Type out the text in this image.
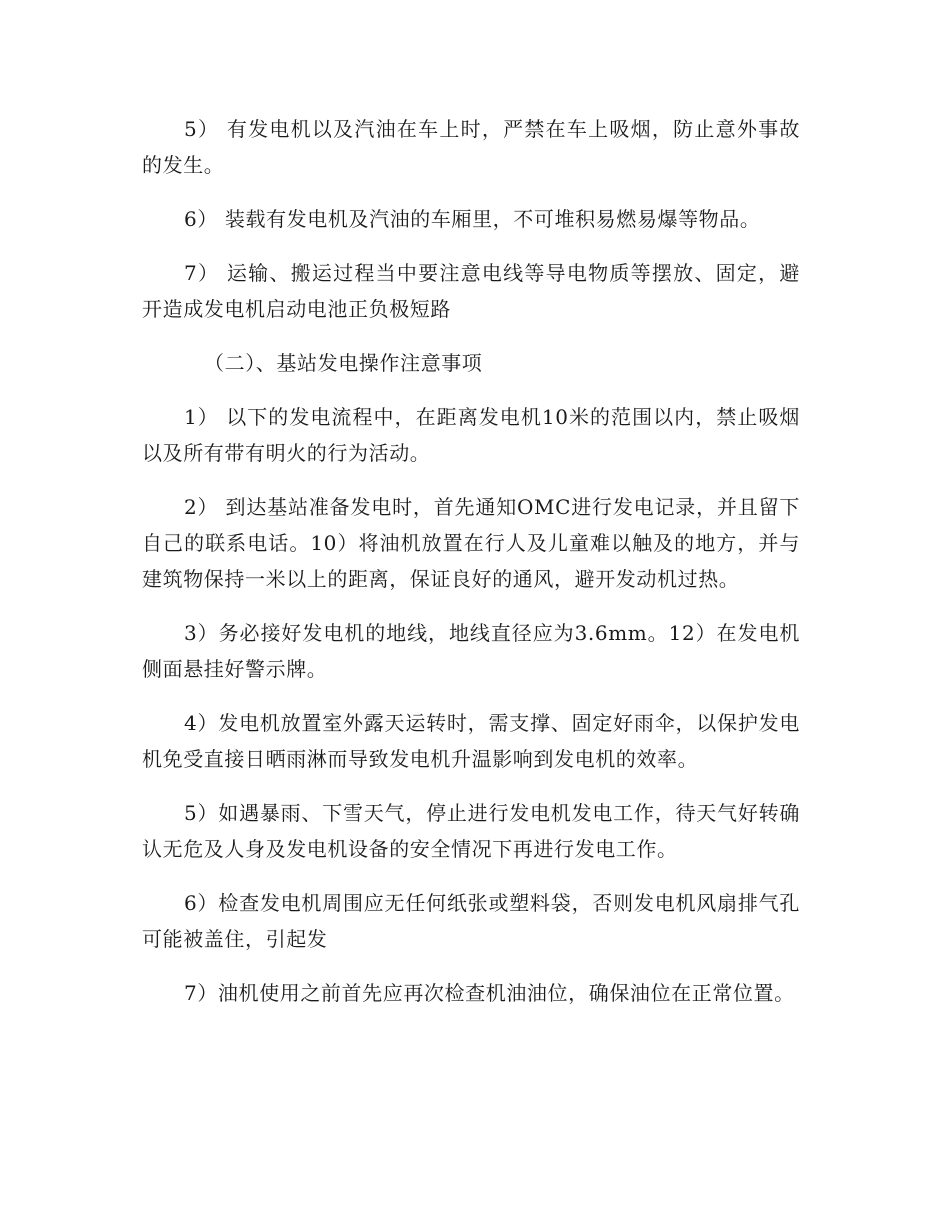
5） 有发电机以及汽油在车上时，严禁在车上吸烟，防止意外事故的发生。

6） 装载有发电机及汽油的车厢里，不可堆积易燃易爆等物品。

7） 运输、搬运过程当中要注意电线等导电物质等摆放、固定，避开造成发电机启动电池正负极短路

（二）、基站发电操作注意事项

1） 以下的发电流程中，在距离发电机10米的范围以内，禁止吸烟以及所有带有明火的行为活动。

2） 到达基站准备发电时，首先通知OMC进行发电记录，并且留下自己的联系电话。10）将油机放置在行人及儿童难以触及的地方，并与建筑物保持一米以上的距离，保证良好的通风，避开发动机过热。

3）务必接好发电机的地线，地线直径应为3.6mm。12）在发电机侧面悬挂好警示牌。

4）发电机放置室外露天运转时，需支撑、固定好雨伞，以保护发电机免受直接日晒雨淋而导致发电机升温影响到发电机的效率。

5）如遇暴雨、下雪天气，停止进行发电机发电工作，待天气好转确认无危及人身及发电机设备的安全情况下再进行发电工作。

6）检查发电机周围应无任何纸张或塑料袋，否则发电机风扇排气孔可能被盖住，引起发

7）油机使用之前首先应再次检查机油油位，确保油位在正常位置。
